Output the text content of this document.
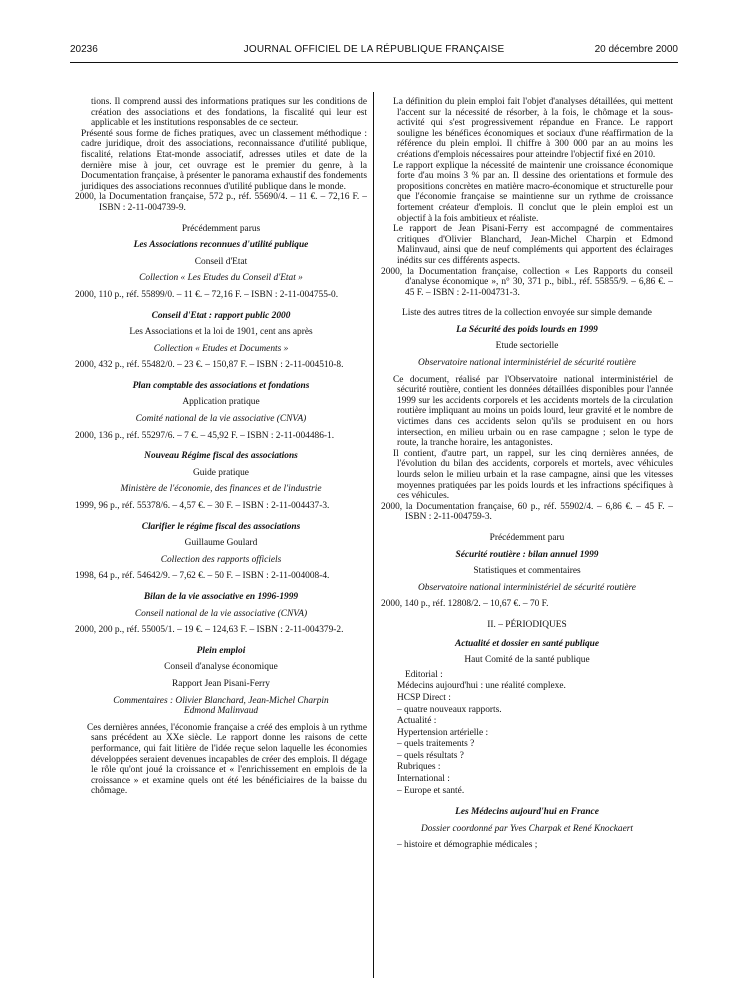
20236	JOURNAL OFFICIEL DE LA RÉPUBLIQUE FRANÇAISE	20 décembre 2000

tions. Il comprend aussi des informations pratiques sur les conditions de création des associations et des fondations, la fiscalité qui leur est applicable et les institutions responsables de ce secteur.

Présenté sous forme de fiches pratiques, avec un classement méthodique : cadre juridique, droit des associations, reconnaissance d'utilité publique, fiscalité, relations Etat-monde associatif, adresses utiles et date de la dernière mise à jour, cet ouvrage est le premier du genre, à la Documentation française, à présenter le panorama exhaustif des fondements juridiques des associations reconnues d'utilité publique dans le monde.

2000, la Documentation française, 572 p., réf. 55690/4. – 11 €. – 72,16 F. – ISBN : 2-11-004739-9.

Précédemment parus

Les Associations reconnues d'utilité publique

Conseil d'Etat

Collection « Les Etudes du Conseil d'Etat »

2000, 110 p., réf. 55899/0. – 11 €. – 72,16 F. – ISBN : 2-11-004755-0.

Conseil d'Etat : rapport public 2000

Les Associations et la loi de 1901, cent ans après

Collection « Etudes et Documents »

2000, 432 p., réf. 55482/0. – 23 €. – 150,87 F. – ISBN : 2-11-004510-8.

Plan comptable des associations et fondations

Application pratique

Comité national de la vie associative (CNVA)

2000, 136 p., réf. 55297/6. – 7 €. – 45,92 F. – ISBN : 2-11-004486-1.

Nouveau Régime fiscal des associations

Guide pratique

Ministère de l'économie, des finances et de l'industrie

1999, 96 p., réf. 55378/6. – 4,57 €. – 30 F. – ISBN : 2-11-004437-3.

Clarifier le régime fiscal des associations

Guillaume Goulard

Collection des rapports officiels

1998, 64 p., réf. 54642/9. – 7,62 €. – 50 F. – ISBN : 2-11-004008-4.

Bilan de la vie associative en 1996-1999

Conseil national de la vie associative (CNVA)

2000, 200 p., réf. 55005/1. – 19 €. – 124,63 F. – ISBN : 2-11-004379-2.

Plein emploi

Conseil d'analyse économique

Rapport Jean Pisani-Ferry

Commentaires : Olivier Blanchard, Jean-Michel Charpin Edmond Malinvaud

Ces dernières années, l'économie française a créé des emplois à un rythme sans précédent au XXe siècle. Le rapport donne les raisons de cette performance, qui fait litière de l'idée reçue selon laquelle les économies développées seraient devenues incapables de créer des emplois. Il dégage le rôle qu'ont joué la croissance et « l'enrichissement en emplois de la croissance » et examine quels ont été les bénéficiaires de la baisse du chômage.

La définition du plein emploi fait l'objet d'analyses détaillées, qui mettent l'accent sur la nécessité de résorber, à la fois, le chômage et la sous-activité qui s'est progressivement répandue en France. Le rapport souligne les bénéfices économiques et sociaux d'une réaffirmation de la référence du plein emploi. Il chiffre à 300 000 par an au moins les créations d'emplois nécessaires pour atteindre l'objectif fixé en 2010.

Le rapport explique la nécessité de maintenir une croissance économique forte d'au moins 3 % par an. Il dessine des orientations et formule des propositions concrètes en matière macro-économique et structurelle pour que l'économie française se maintienne sur un rythme de croissance fortement créateur d'emplois. Il conclut que le plein emploi est un objectif à la fois ambitieux et réaliste.

Le rapport de Jean Pisani-Ferry est accompagné de commentaires critiques d'Olivier Blanchard, Jean-Michel Charpin et Edmond Malinvaud, ainsi que de neuf compléments qui apportent des éclairages inédits sur ces différents aspects.

2000, la Documentation française, collection « Les Rapports du conseil d'analyse économique », n° 30, 371 p., bibl., réf. 55855/9. – 6,86 €. – 45 F. – ISBN : 2-11-004731-3.

Liste des autres titres de la collection envoyée sur simple demande

La Sécurité des poids lourds en 1999

Etude sectorielle

Observatoire national interministériel de sécurité routière

Ce document, réalisé par l'Observatoire national interministériel de sécurité routière, contient les données détaillées disponibles pour l'année 1999 sur les accidents corporels et les accidents mortels de la circulation routière impliquant au moins un poids lourd, leur gravité et le nombre de victimes dans ces accidents selon qu'ils se produisent en ou hors intersection, en milieu urbain ou en rase campagne ; selon le type de route, la tranche horaire, les antagonistes.

Il contient, d'autre part, un rappel, sur les cinq dernières années, de l'évolution du bilan des accidents, corporels et mortels, avec véhicules lourds selon le milieu urbain et la rase campagne, ainsi que les vitesses moyennes pratiquées par les poids lourds et les infractions spécifiques à ces véhicules.

2000, la Documentation française, 60 p., réf. 55902/4. – 6,86 €. – 45 F. – ISBN : 2-11-004759-3.

Précédemment paru

Sécurité routière : bilan annuel 1999

Statistiques et commentaires

Observatoire national interministériel de sécurité routière

2000, 140 p., réf. 12808/2. – 10,67 €. – 70 F.

II. – PÉRIODIQUES

Actualité et dossier en santé publique

Haut Comité de la santé publique

Editorial :

Médecins aujourd'hui : une réalité complexe.

HCSP Direct :

– quatre nouveaux rapports.

Actualité :

Hypertension artérielle :

– quels traitements ?

– quels résultats ?

Rubriques :

International :

– Europe et santé.

Les Médecins aujourd'hui en France

Dossier coordonné par Yves Charpak et René Knockaert

– histoire et démographie médicales ;
